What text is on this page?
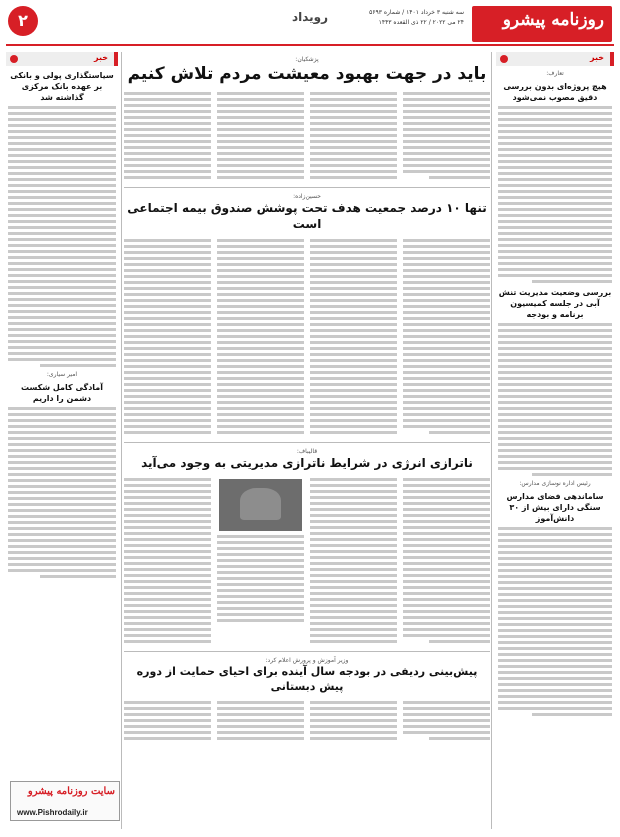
روزنامه پیشرو
سه شنبه ۳ خرداد ۱۴۰۱ / شماره ۵۶۹۳
۲۴ می ۲۰۲۲ / ۲۲ ذی القعده ۱۴۴۳
رویداد
۲
خبر
تعارف:
هیچ پروژه‌ای بدون بررسی دقیق مصوب نمی‌شود
بررسی وضعیت مدیریت تنش آبی در جلسه کمیسیون برنامه و بودجه
رئیس اداره نوسازی مدارس:
ساماندهی فضای مدارس سنگی دارای بیش از ۳۰ دانش‌آموز
خبر
سیاستگذاری پولی و بانکی بر عهده بانک مرکزی گذاشته شد
امیر سیاری:
آمادگی کامل شکست دشمن را داریم
سایت روزنامه پیشرو
www.Pishrodaily.ir
پزشکیان:
باید در جهت بهبود معیشت مردم تلاش کنیم
حسین‌زاده:
تنها ۱۰ درصد جمعیت هدف تحت پوشش صندوق بیمه اجتماعی است
قالیباف:
ناترازی انرژی در شرایط ناترازی مدیریتی به وجود می‌آید
وزیر آموزش و پرورش اعلام کرد:
پیش‌بینی ردیفی در بودجه سال آینده برای احیای حمایت از دوره پیش دبستانی
